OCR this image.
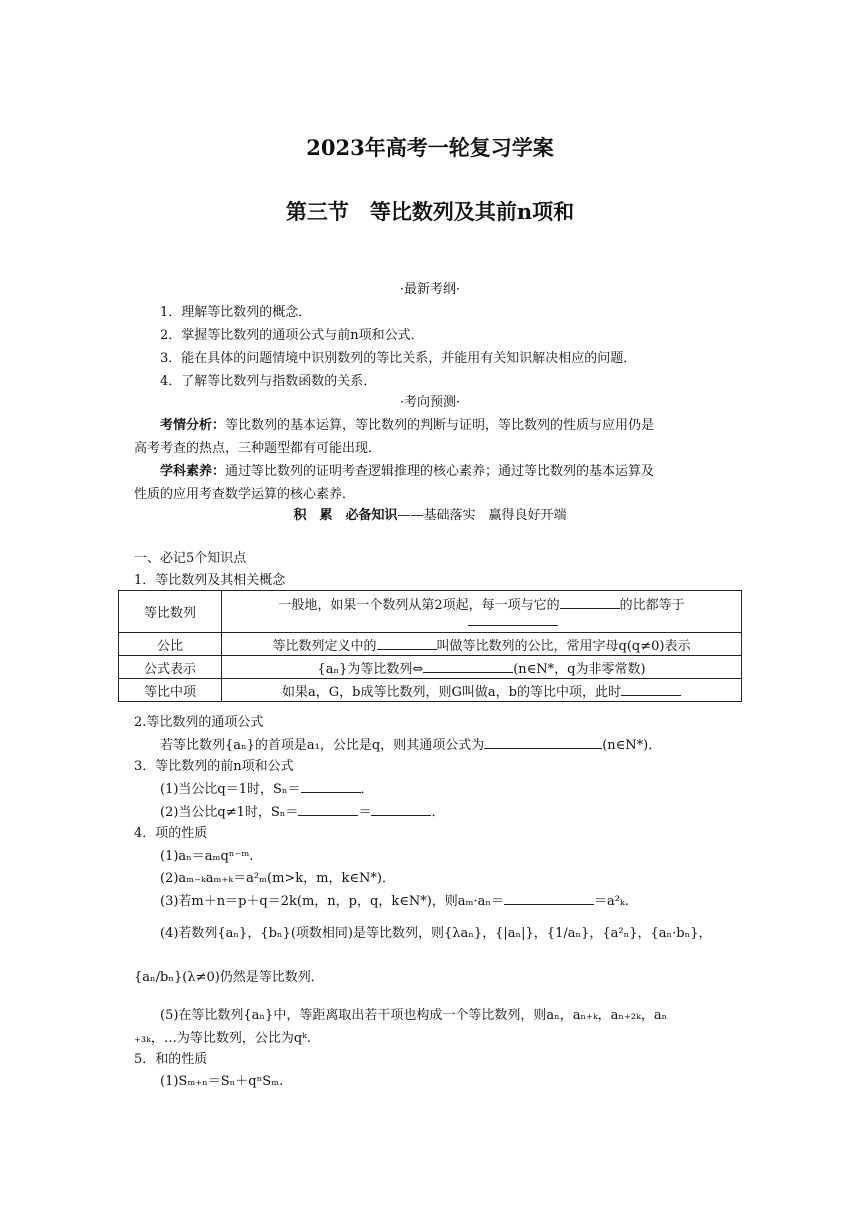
2023年高考一轮复习学案
第三节　等比数列及其前n项和
·最新考纲·
1．理解等比数列的概念．
2．掌握等比数列的通项公式与前n项和公式．
3．能在具体的问题情境中识别数列的等比关系，并能用有关知识解决相应的问题．
4．了解等比数列与指数函数的关系．
·考向预测·
考情分析：等比数列的基本运算，等比数列的判断与证明，等比数列的性质与应用仍是
高考考查的热点，三种题型都有可能出现．
学科素养：通过等比数列的证明考查逻辑推理的核心素养；通过等比数列的基本运算及
性质的应用考查数学运算的核心素养．
积　累　必备知识——基础落实　赢得良好开端
一、必记5个知识点
1．等比数列及其相关概念
等比数列	一般地，如果一个数列从第2项起，每一项与它的 的比都等于

公比	等比数列定义中的 叫做等比数列的公比，常用字母q(q≠0)表示
公式表示	{aₙ}为等比数列⇔ (n∈N*，q为非零常数)
等比中项	如果a，G，b成等比数列，则G叫做a，b的等比中项，此时
2.等比数列的通项公式
若等比数列{aₙ}的首项是a₁，公比是q，则其通项公式为	(n∈N*)．
3．等比数列的前n项和公式
(1)当公比q＝1时，Sₙ＝	．
(2)当公比q≠1时，Sₙ＝	＝	．
4．项的性质
(1)aₙ＝aₘqⁿ⁻ᵐ.
(2)aₘ₋ₖaₘ₊ₖ＝a²ₘ(m>k，m，k∈N*)．
(3)若m＋n＝p＋q＝2k(m，n，p，q，k∈N*)，则aₘ·aₙ＝	＝a²ₖ.
(4)若数列{aₙ}，{bₙ}(项数相同)是等比数列，则{λaₙ}，{|aₙ|}，{1/aₙ}，{a²ₙ}，{aₙ·bₙ}，
{aₙ/bₙ}(λ≠0)仍然是等比数列．
(5)在等比数列{aₙ}中，等距离取出若干项也构成一个等比数列，则aₙ，aₙ₊ₖ，aₙ₊₂ₖ，aₙ
₊₃ₖ，…为等比数列，公比为qᵏ.
5．和的性质
(1)Sₘ₊ₙ＝Sₙ＋qⁿSₘ.
